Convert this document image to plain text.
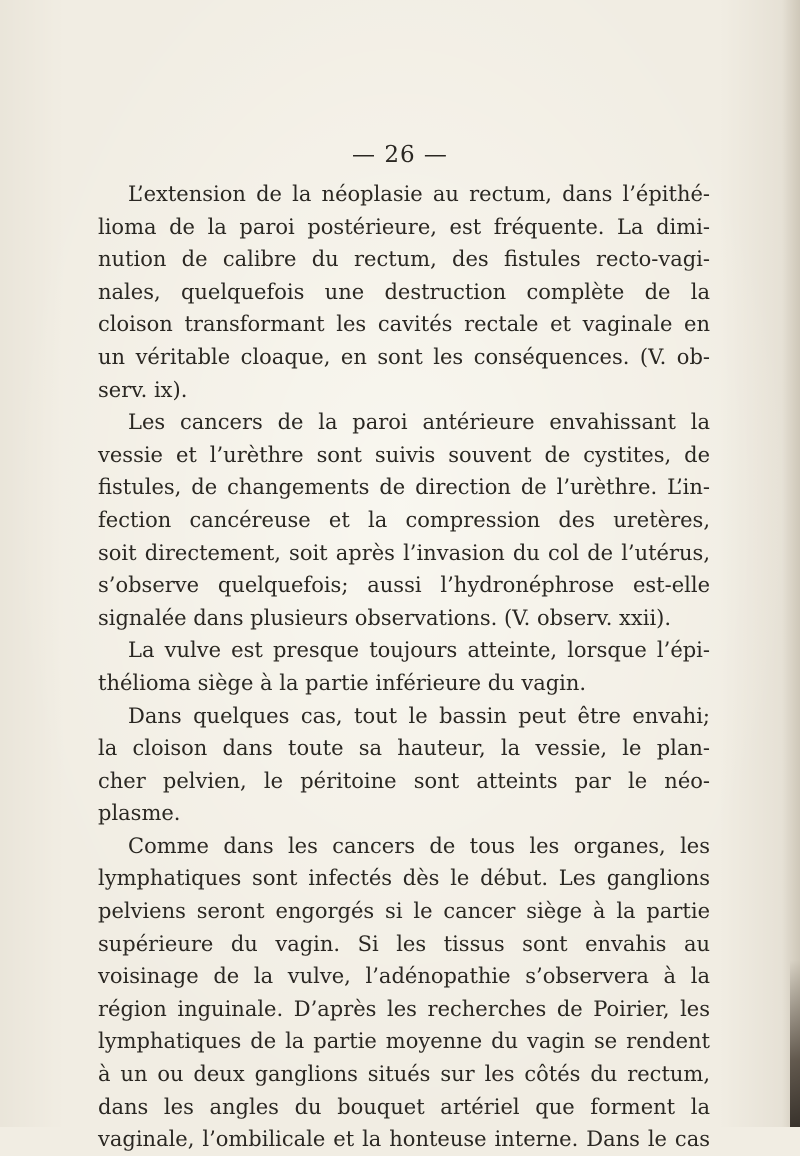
— 26 —
L’extension de la néoplasie au rectum, dans l’épithé-
lioma de la paroi postérieure, est fréquente. La dimi-
nution de calibre du rectum, des fistules recto-vagi-
nales, quelquefois une destruction complète de la
cloison transformant les cavités rectale et vaginale en
un véritable cloaque, en sont les conséquences. (V. ob-
serv. ix).
Les cancers de la paroi antérieure envahissant la
vessie et l’urèthre sont suivis souvent de cystites, de
fistules, de changements de direction de l’urèthre. L’in-
fection cancéreuse et la compression des uretères,
soit directement, soit après l’invasion du col de l’utérus,
s’observe quelquefois; aussi l’hydronéphrose est-elle
signalée dans plusieurs observations. (V. observ. xxii).
La vulve est presque toujours atteinte, lorsque l’épi-
thélioma siège à la partie inférieure du vagin.
Dans quelques cas, tout le bassin peut être envahi;
la cloison dans toute sa hauteur, la vessie, le plan-
cher pelvien, le péritoine sont atteints par le néo-
plasme.
Comme dans les cancers de tous les organes, les
lymphatiques sont infectés dès le début. Les ganglions
pelviens seront engorgés si le cancer siège à la partie
supérieure du vagin. Si les tissus sont envahis au
voisinage de la vulve, l’adénopathie s’observera à la
région inguinale. D’après les recherches de Poirier, les
lymphatiques de la partie moyenne du vagin se rendent
à un ou deux ganglions situés sur les côtés du rectum,
dans les angles du bouquet artériel que forment la
vaginale, l’ombilicale et la honteuse interne. Dans le cas
